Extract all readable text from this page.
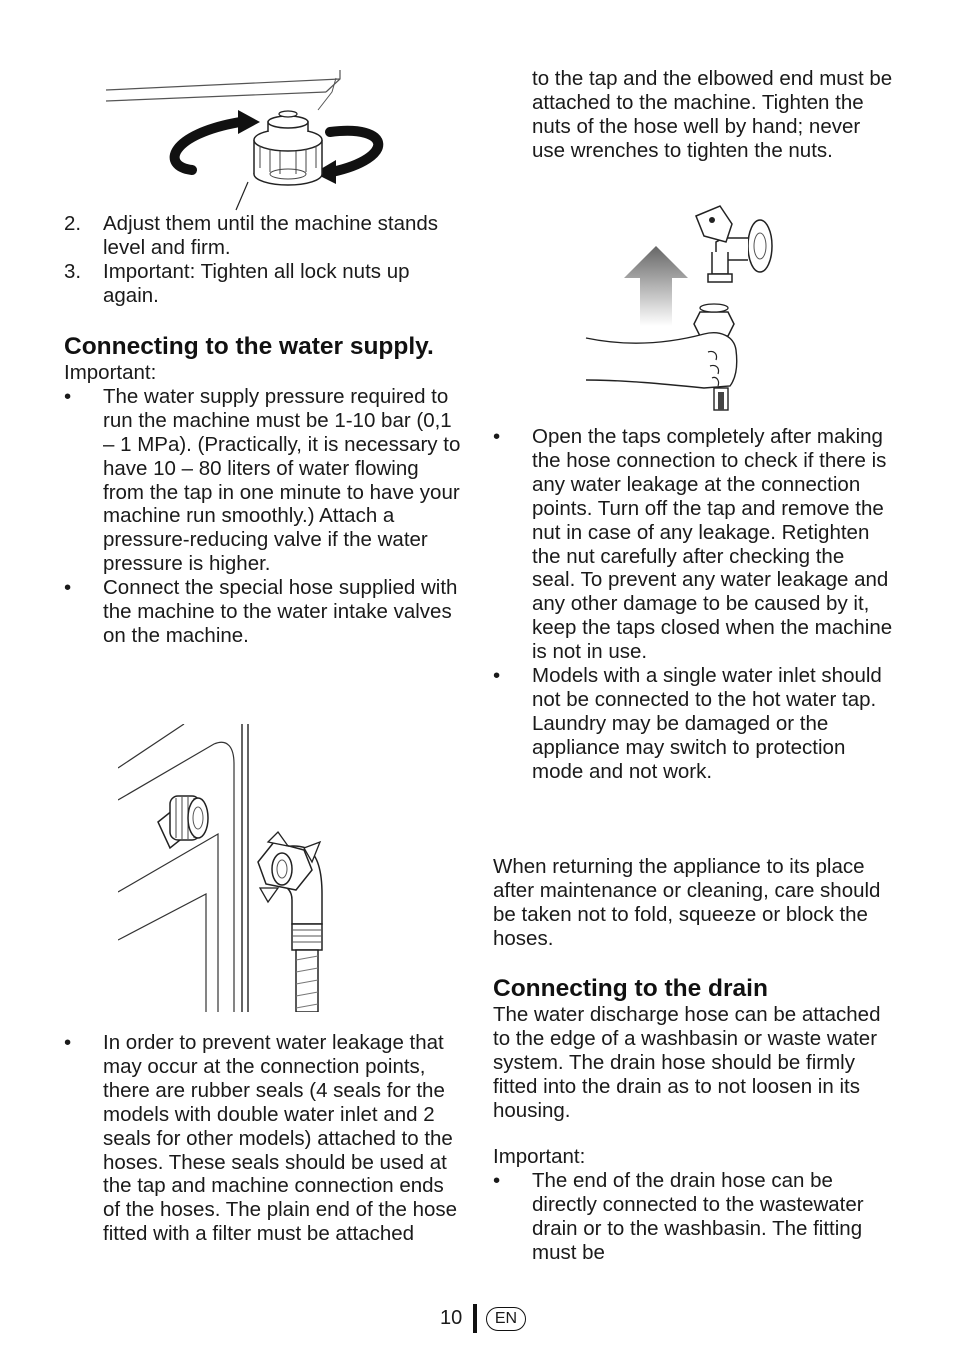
2. Adjust them until the machine stands level and firm.
3. Important: Tighten all lock nuts up again.
Connecting to the water supply.

Important:

• The water supply pressure required to run the machine must be 1-10 bar (0,1 – 1 MPa). (Practically, it is necessary to have 10 – 80 liters of water flowing from the tap in one minute to have your machine run smoothly.) Attach a pressure-reducing valve if the water pressure is higher.
• Connect the special hose supplied with the machine to the water intake valves on the machine.
• In order to prevent water leakage that may occur at the connection points, there are rubber seals (4 seals for the models with double water inlet and 2 seals for other models) attached to the hoses. These seals should be used at the tap and machine connection ends of the hoses. The plain end of the hose fitted with a filter must be attached
to the tap and the elbowed end must be attached to the machine. Tighten the nuts of the hose well by hand; never use wrenches to tighten the nuts.
• Open the taps completely after making the hose connection to check if there is any water leakage at the connection points. Turn off the tap and remove the nut in case of any leakage. Retighten the nut carefully after checking the seal. To prevent any water leakage and any other damage to be caused by it, keep the taps closed when the machine is not in use.
• Models with a single water inlet should not be connected to the hot water tap. Laundry may be damaged or the appliance may switch to protection mode and not work.

When returning the appliance to its place after maintenance or cleaning, care should be taken not to fold, squeeze or block the hoses.

Connecting to the drain

The water discharge hose can be attached to the edge of a washbasin or waste water system. The drain hose should be firmly fitted into the drain as to not loosen in its housing.

Important:

• The end of the drain hose can be directly connected to the wastewater drain or to the washbasin. The fitting must be
10	EN
